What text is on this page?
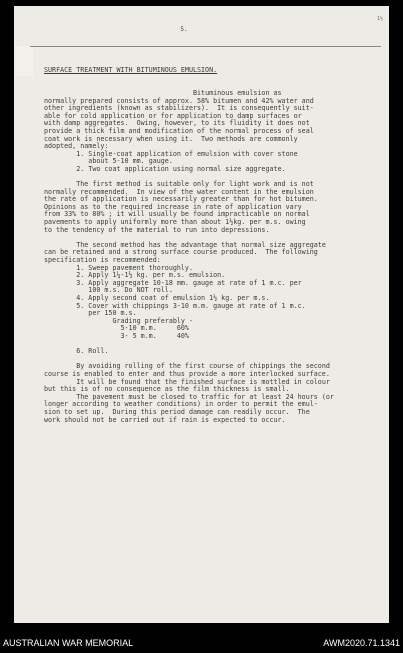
5.
1½

SURFACE TREATMENT WITH BITUMINOUS EMULSION.

Bituminous emulsion as
normally prepared consists of approx. 58% bitumen and 42% water and
other ingredients (known as stabilizers).  It is consequently suit-
able for cold application or for application to damp surfaces or
with damp aggregates.  Owing, however, to its fluidity it does not
provide a thick film and modification of the normal process of seal
coat work is necessary when using it.  Two methods are commonly
adopted, namely:
1. Single-coat application of emulsion with cover stone
about 5-10 mm. gauge.
2. Two coat application using normal size aggregate.
The first method is suitable only for light work and is not
normally recommended.  In view of the water content in the emulsion
the rate of application is necessarily greater than for hot bitumen.
Opinions as to the required increase in rate of application vary
from 33% to 80% ; it will usually be found impracticable on normal
pavements to apply uniformly more than about 1½kg. per m.s. owing
to the tendency of the material to run into depressions.
The second method has the advantage that normal size aggregate
can be retained and a strong surface course produced.  The following
specification is recommended:
1. Sweep pavement thoroughly.
2. Apply 1¼-1½ kg. per m.s. emulsion.
3. Apply aggregate 10-18 mm. gauge at rate of 1 m.c. per
100 m.s. Do NOT roll.
4. Apply second coat of emulsion 1½ kg. per m.s.
5. Cover with chippings 3-10 m.m. gauge at rate of 1 m.c.
per 150 m.s.
Grading preferably -
5-10 m.m.     60%
3- 5 m.m.     40%
6. Roll.
By avoiding rolling of the first course of chippings the second
course is enabled to enter and thus provide a more interlocked surface.
It will be found that the finished surface is mottled in colour
but this is of no consequence as the film thickness is small.
The pavement must be closed to traffic for at least 24 hours (or
longer according to weather conditions) in order to permit the emul-
sion to set up.  During this period damage can readily occur.  The
work should not be carried out if rain is expected to occur.

AUSTRALIAN WAR MEMORIAL	AWM2020.71.1341
